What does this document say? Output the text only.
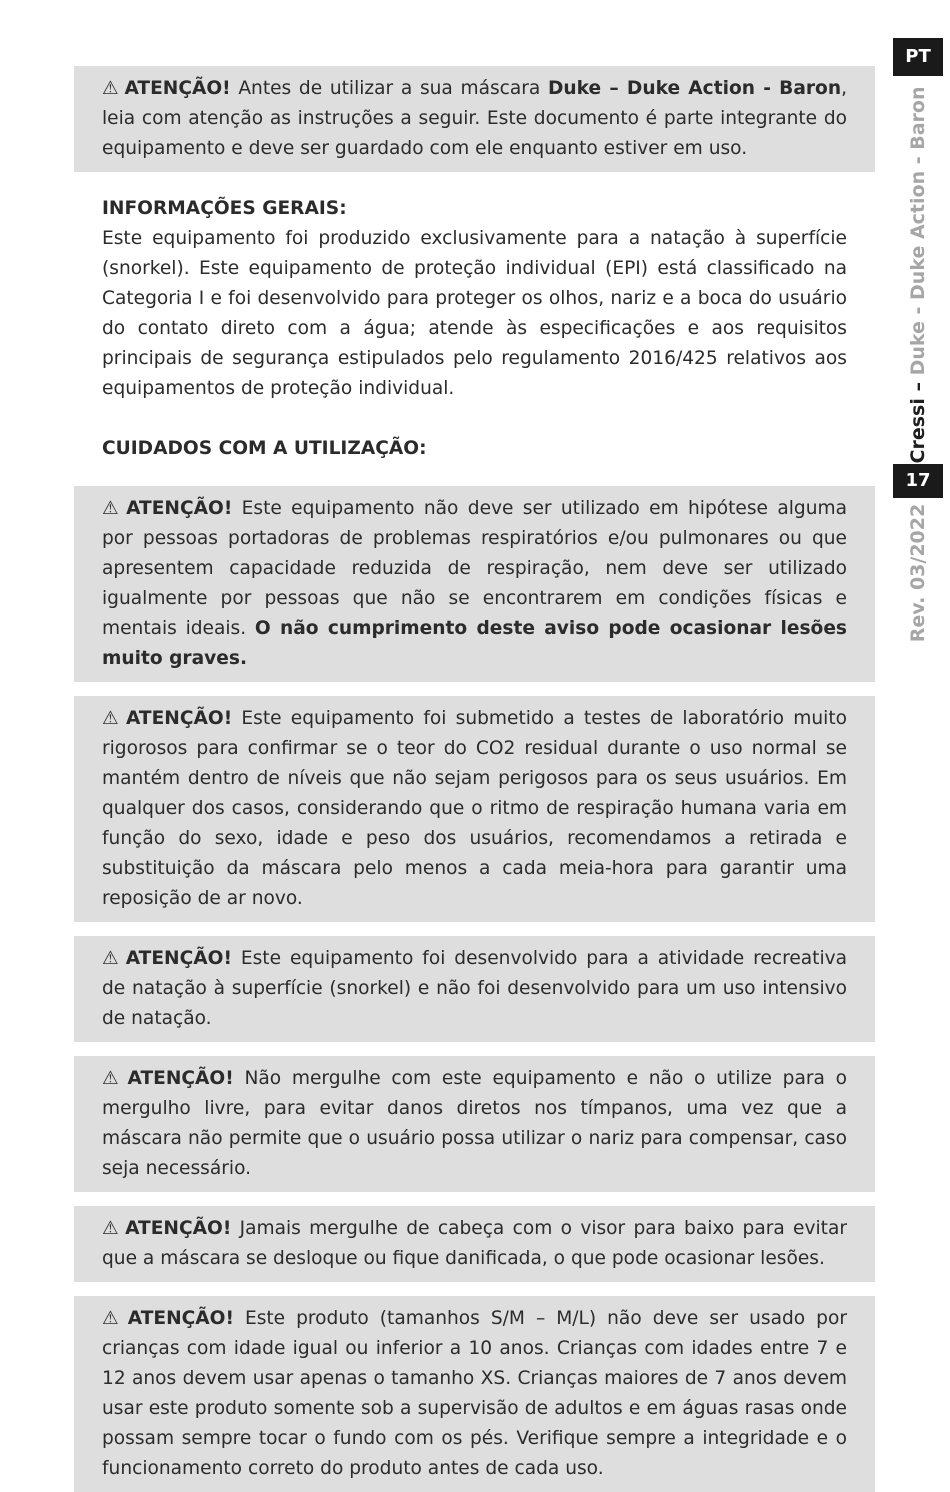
⚠ ATENÇÃO! Antes de utilizar a sua máscara Duke – Duke Action - Baron, leia com atenção as instruções a seguir. Este documento é parte integrante do equipamento e deve ser guardado com ele enquanto estiver em uso.
INFORMAÇÕES GERAIS:
Este equipamento foi produzido exclusivamente para a natação à superfície (snorkel). Este equipamento de proteção individual (EPI) está classificado na Categoria I e foi desenvolvido para proteger os olhos, nariz e a boca do usuário do contato direto com a água; atende às especificações e aos requisitos principais de segurança estipulados pelo regulamento 2016/425 relativos aos equipamentos de proteção individual.
CUIDADOS COM A UTILIZAÇÃO:
⚠ ATENÇÃO! Este equipamento não deve ser utilizado em hipótese alguma por pessoas portadoras de problemas respiratórios e/ou pulmonares ou que apresentem capacidade reduzida de respiração, nem deve ser utilizado igualmente por pessoas que não se encontrarem em condições físicas e mentais ideais. O não cumprimento deste aviso pode ocasionar lesões muito graves.
⚠ ATENÇÃO! Este equipamento foi submetido a testes de laboratório muito rigorosos para confirmar se o teor do CO2 residual durante o uso normal se mantém dentro de níveis que não sejam perigosos para os seus usuários. Em qualquer dos casos, considerando que o ritmo de respiração humana varia em função do sexo, idade e peso dos usuários, recomendamos a retirada e substituição da máscara pelo menos a cada meia-hora para garantir uma reposição de ar novo.
⚠ ATENÇÃO! Este equipamento foi desenvolvido para a atividade recreativa de natação à superfície (snorkel) e não foi desenvolvido para um uso intensivo de natação.
⚠ ATENÇÃO! Não mergulhe com este equipamento e não o utilize para o mergulho livre, para evitar danos diretos nos tímpanos, uma vez que a máscara não permite que o usuário possa utilizar o nariz para compensar, caso seja necessário.
⚠ ATENÇÃO! Jamais mergulhe de cabeça com o visor para baixo para evitar que a máscara se desloque ou fique danificada, o que pode ocasionar lesões.
⚠ ATENÇÃO! Este produto (tamanhos S/M – M/L) não deve ser usado por crianças com idade igual ou inferior a 10 anos. Crianças com idades entre 7 e 12 anos devem usar apenas o tamanho XS. Crianças maiores de 7 anos devem usar este produto somente sob a supervisão de adultos e em águas rasas onde possam sempre tocar o fundo com os pés. Verifique sempre a integridade e o funcionamento correto do produto antes de cada uso.
PT
Cressi – Duke - Duke Action - Baron
17
Rev. 03/2022
